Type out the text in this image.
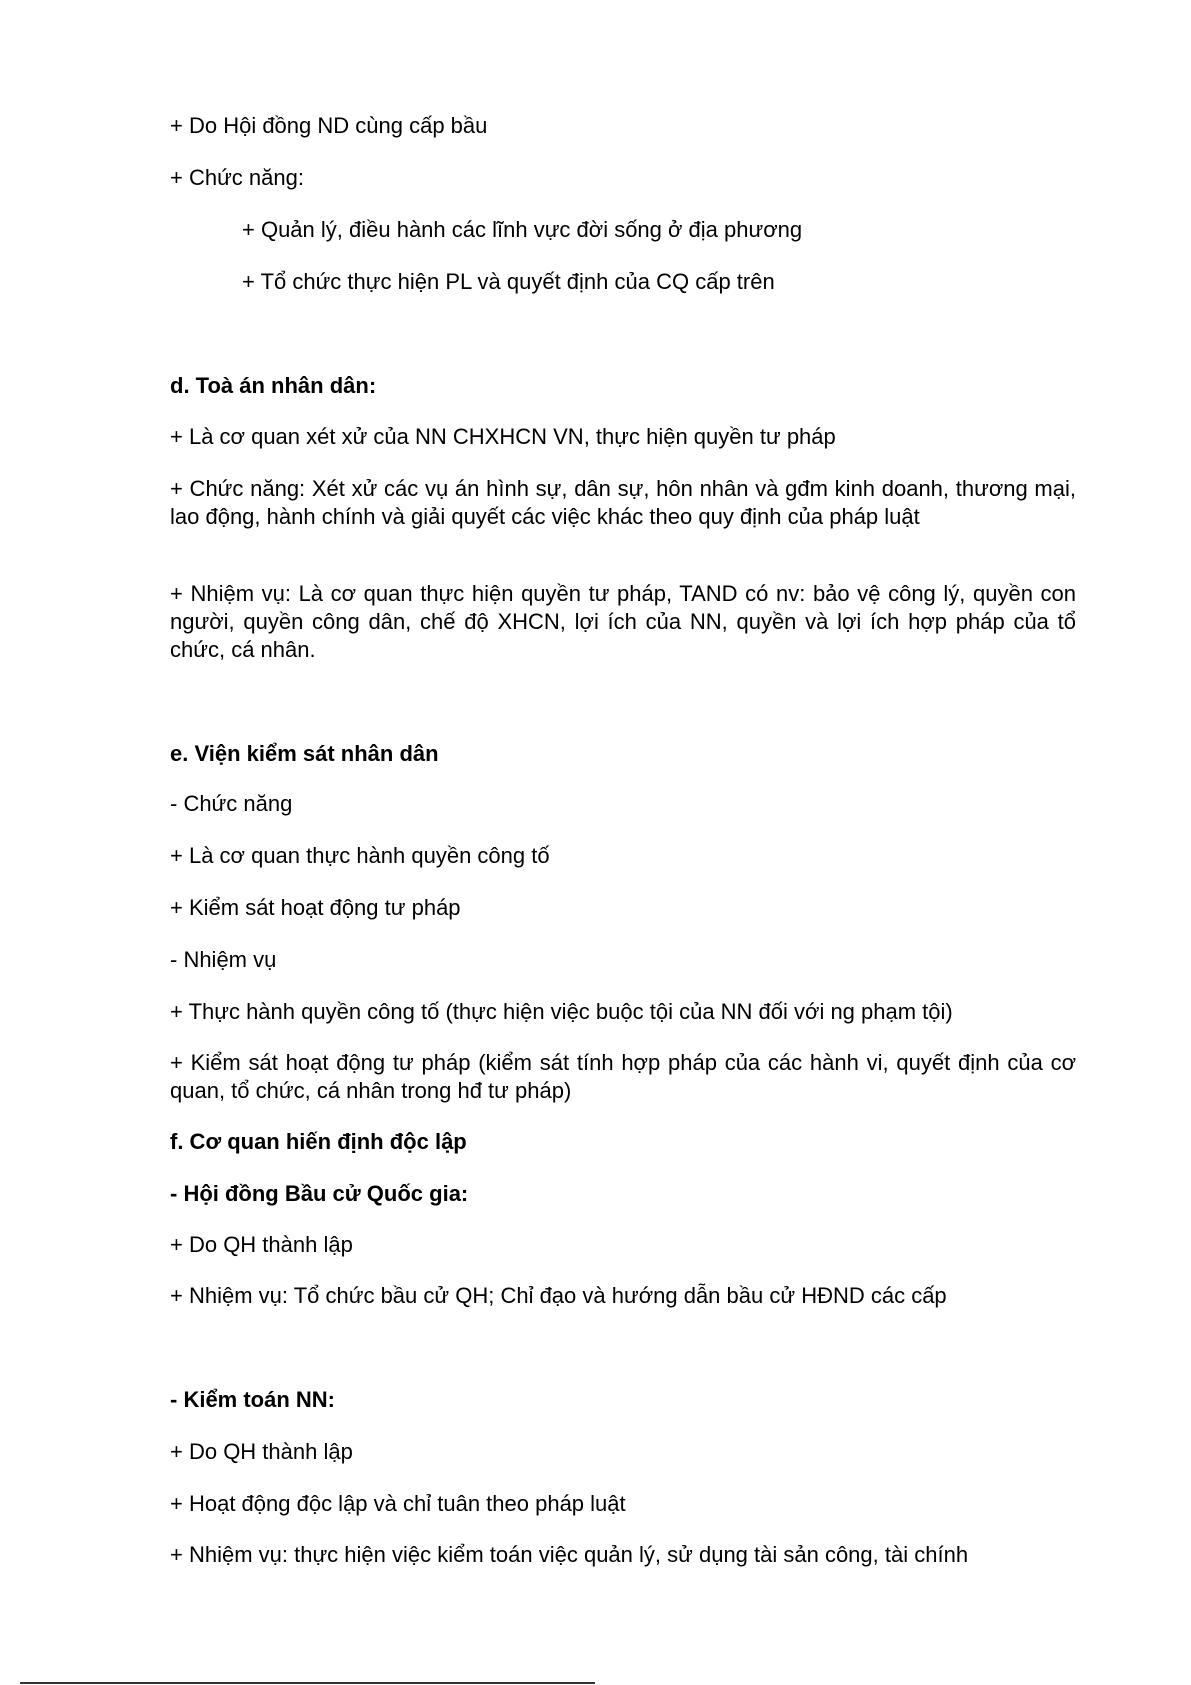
+ Do Hội đồng ND cùng cấp bầu
+ Chức năng:
+ Quản lý, điều hành các lĩnh vực đời sống ở địa phương
+ Tổ chức thực hiện PL và quyết định của CQ cấp trên
d. Toà án nhân dân:
+ Là cơ quan xét xử của NN CHXHCN VN, thực hiện quyền tư pháp
+ Chức năng: Xét xử các vụ án hình sự, dân sự, hôn nhân và gđm kinh doanh, thương mại, lao động, hành chính và giải quyết các việc khác theo quy định của pháp luật
+ Nhiệm vụ: Là cơ quan thực hiện quyền tư pháp, TAND có nv: bảo vệ công lý, quyền con người, quyền công dân, chế độ XHCN, lợi ích của NN, quyền và lợi ích hợp pháp của tổ chức, cá nhân.
e. Viện kiểm sát nhân dân
- Chức năng
+ Là cơ quan thực hành quyền công tố
+ Kiểm sát hoạt động tư pháp
- Nhiệm vụ
+ Thực hành quyền công tố (thực hiện việc buộc tội của NN đối với ng phạm tội)
+ Kiểm sát hoạt động tư pháp (kiểm sát tính hợp pháp của các hành vi, quyết định của cơ quan, tổ chức, cá nhân trong hđ tư pháp)
f. Cơ quan hiến định độc lập
- Hội đồng Bầu cử Quốc gia:
+ Do QH thành lập
+ Nhiệm vụ: Tổ chức bầu cử QH; Chỉ đạo và hướng dẫn bầu cử HĐND các cấp
- Kiểm toán NN:
+ Do QH thành lập
+ Hoạt động độc lập và chỉ tuân theo pháp luật
+ Nhiệm vụ: thực hiện việc kiểm toán việc quản lý, sử dụng tài sản công, tài chính
